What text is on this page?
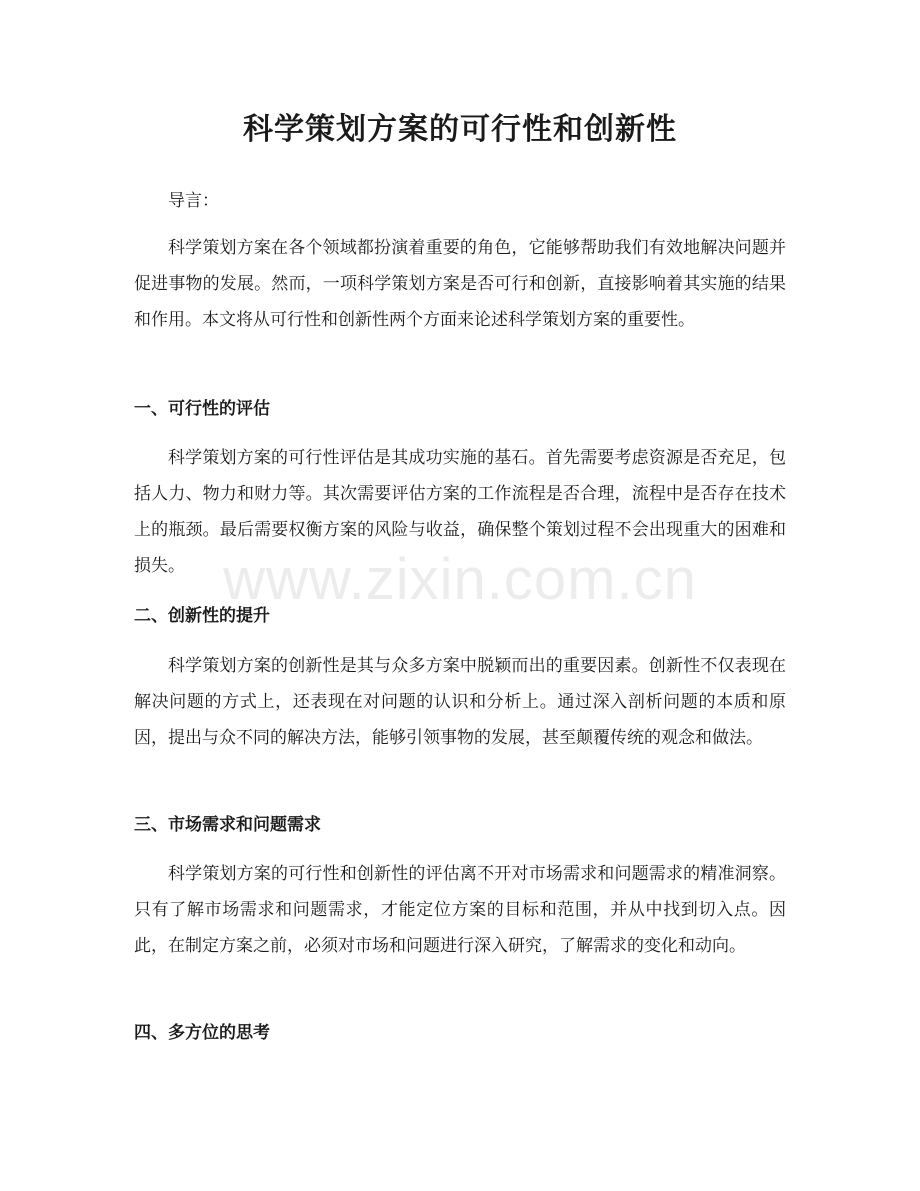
科学策划方案的可行性和创新性

导言：

科学策划方案在各个领域都扮演着重要的角色，它能够帮助我们有效地解决问题并促进事物的发展。然而，一项科学策划方案是否可行和创新，直接影响着其实施的结果和作用。本文将从可行性和创新性两个方面来论述科学策划方案的重要性。

一、可行性的评估

科学策划方案的可行性评估是其成功实施的基石。首先需要考虑资源是否充足，包括人力、物力和财力等。其次需要评估方案的工作流程是否合理，流程中是否存在技术上的瓶颈。最后需要权衡方案的风险与收益，确保整个策划过程不会出现重大的困难和损失。

二、创新性的提升

科学策划方案的创新性是其与众多方案中脱颖而出的重要因素。创新性不仅表现在解决问题的方式上，还表现在对问题的认识和分析上。通过深入剖析问题的本质和原因，提出与众不同的解决方法，能够引领事物的发展，甚至颠覆传统的观念和做法。

三、市场需求和问题需求

科学策划方案的可行性和创新性的评估离不开对市场需求和问题需求的精准洞察。只有了解市场需求和问题需求，才能定位方案的目标和范围，并从中找到切入点。因此，在制定方案之前，必须对市场和问题进行深入研究，了解需求的变化和动向。

四、多方位的思考
www.zixin.com.cn
